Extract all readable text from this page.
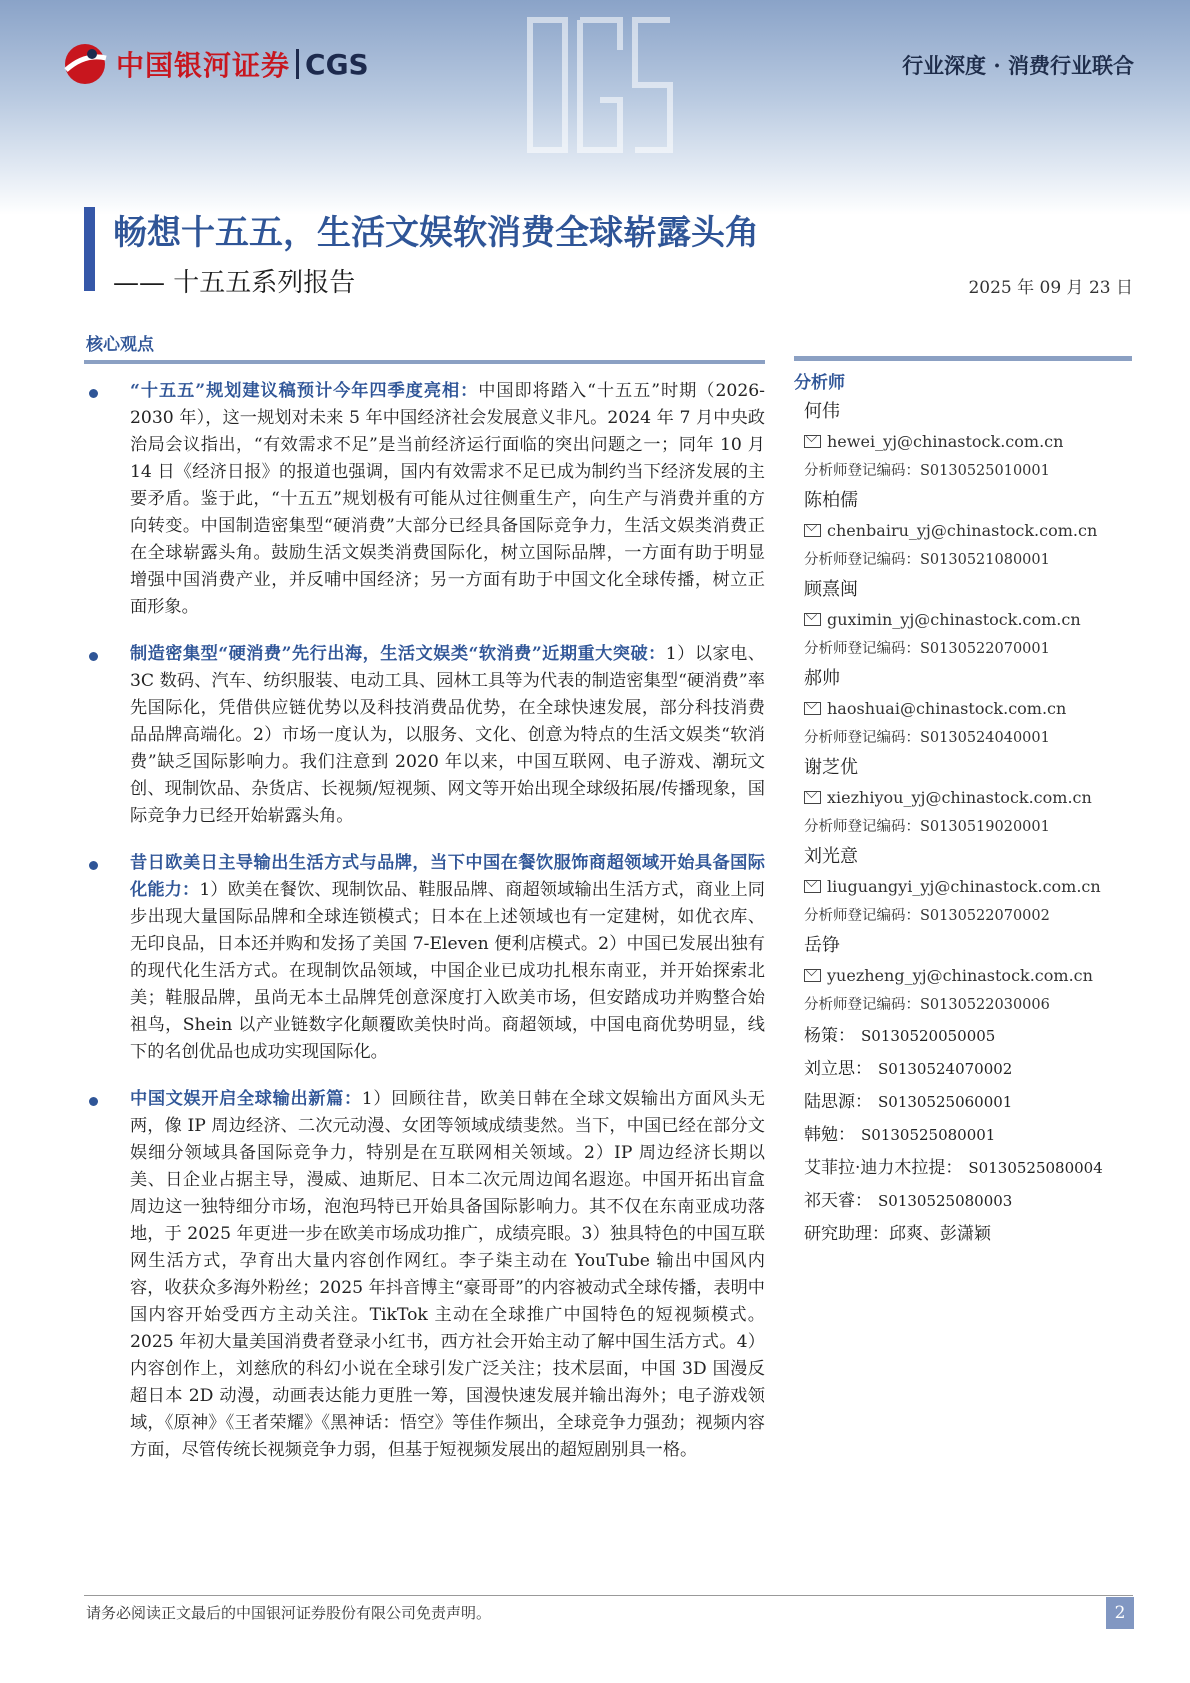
中国银河证券 CGS	行业深度 · 消费行业联合
畅想十五五，生活文娱软消费全球崭露头角
—— 十五五系列报告	2025 年 09 月 23 日
核心观点

“十五五”规划建议稿预计今年四季度亮相：中国即将踏入“十五五”时期（2026-2030 年），这一规划对未来 5 年中国经济社会发展意义非凡。2024 年 7 月中央政治局会议指出，“有效需求不足”是当前经济运行面临的突出问题之一；同年 10 月 14 日《经济日报》的报道也强调，国内有效需求不足已成为制约当下经济发展的主要矛盾。鉴于此，“十五五”规划极有可能从过往侧重生产，向生产与消费并重的方向转变。中国制造密集型“硬消费”大部分已经具备国际竞争力，生活文娱类消费正在全球崭露头角。鼓励生活文娱类消费国际化，树立国际品牌，一方面有助于明显增强中国消费产业，并反哺中国经济；另一方面有助于中国文化全球传播，树立正面形象。

制造密集型“硬消费”先行出海，生活文娱类“软消费”近期重大突破：1）以家电、3C 数码、汽车、纺织服装、电动工具、园林工具等为代表的制造密集型“硬消费”率先国际化，凭借供应链优势以及科技消费品优势，在全球快速发展，部分科技消费品品牌高端化。2）市场一度认为，以服务、文化、创意为特点的生活文娱类“软消费”缺乏国际影响力。我们注意到 2020 年以来，中国互联网、电子游戏、潮玩文创、现制饮品、杂货店、长视频/短视频、网文等开始出现全球级拓展/传播现象，国际竞争力已经开始崭露头角。

昔日欧美日主导输出生活方式与品牌，当下中国在餐饮服饰商超领域开始具备国际化能力：1）欧美在餐饮、现制饮品、鞋服品牌、商超领域输出生活方式，商业上同步出现大量国际品牌和全球连锁模式；日本在上述领域也有一定建树，如优衣库、无印良品，日本还并购和发扬了美国 7-Eleven 便利店模式。2）中国已发展出独有的现代化生活方式。在现制饮品领域，中国企业已成功扎根东南亚，并开始探索北美；鞋服品牌，虽尚无本土品牌凭创意深度打入欧美市场，但安踏成功并购整合始祖鸟，Shein 以产业链数字化颠覆欧美快时尚。商超领域，中国电商优势明显，线下的名创优品也成功实现国际化。

中国文娱开启全球输出新篇：1）回顾往昔，欧美日韩在全球文娱输出方面风头无两，像 IP 周边经济、二次元动漫、女团等领域成绩斐然。当下，中国已经在部分文娱细分领域具备国际竞争力，特别是在互联网相关领域。2）IP 周边经济长期以美、日企业占据主导，漫威、迪斯尼、日本二次元周边闻名遐迩。中国开拓出盲盒周边这一独特细分市场，泡泡玛特已开始具备国际影响力。其不仅在东南亚成功落地，于 2025 年更进一步在欧美市场成功推广，成绩亮眼。3）独具特色的中国互联网生活方式，孕育出大量内容创作网红。李子柒主动在 YouTube 输出中国风内容，收获众多海外粉丝；2025 年抖音博主“豪哥哥”的内容被动式全球传播，表明中国内容开始受西方主动关注。TikTok 主动在全球推广中国特色的短视频模式。2025 年初大量美国消费者登录小红书，西方社会开始主动了解中国生活方式。4）内容创作上，刘慈欣的科幻小说在全球引发广泛关注；技术层面，中国 3D 国漫反超日本 2D 动漫，动画表达能力更胜一筹，国漫快速发展并输出海外；电子游戏领域，《原神》《王者荣耀》《黑神话：悟空》等佳作频出，全球竞争力强劲；视频内容方面，尽管传统长视频竞争力弱，但基于短视频发展出的超短剧别具一格。

分析师
何伟
hewei_yj@chinastock.com.cn
分析师登记编码：S0130525010001
陈柏儒
chenbairu_yj@chinastock.com.cn
分析师登记编码：S0130521080001
顾熹闽
guximin_yj@chinastock.com.cn
分析师登记编码：S0130522070001
郝帅
haoshuai@chinastock.com.cn
分析师登记编码：S0130524040001
谢芝优
xiezhiyou_yj@chinastock.com.cn
分析师登记编码：S0130519020001
刘光意
liuguangyi_yj@chinastock.com.cn
分析师登记编码：S0130522070002
岳铮
yuezheng_yj@chinastock.com.cn
分析师登记编码：S0130522030006
杨策： S0130520050005
刘立思： S0130524070002
陆思源： S0130525060001
韩勉： S0130525080001
艾菲拉·迪力木拉提： S0130525080004
祁天睿： S0130525080003
研究助理：邱爽、彭潇颖
请务必阅读正文最后的中国银河证券股份有限公司免责声明。	2
